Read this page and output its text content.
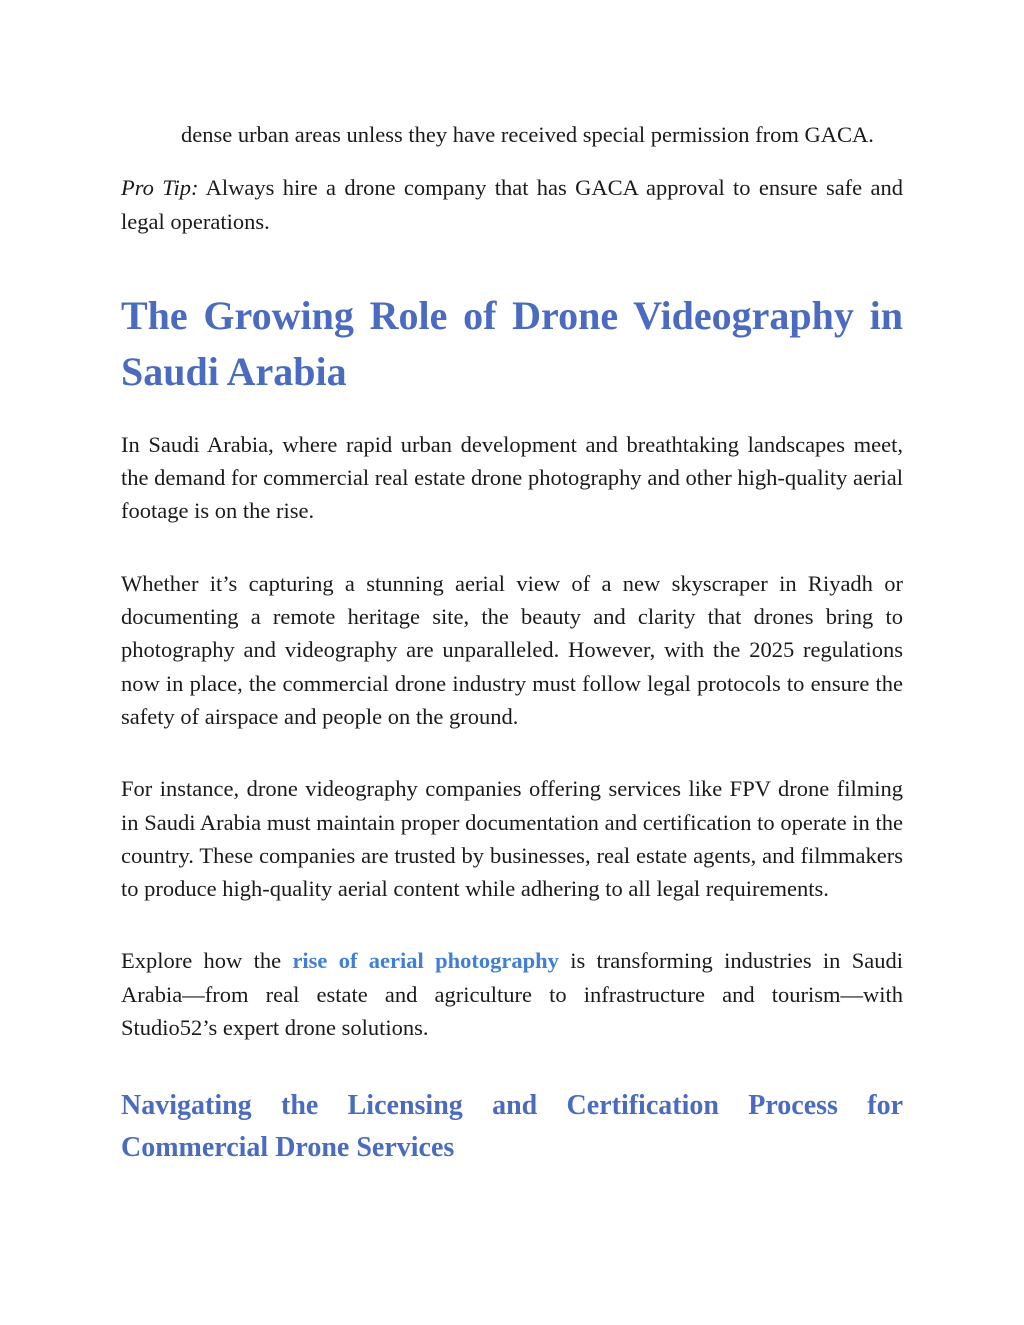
dense urban areas unless they have received special permission from GACA.

Pro Tip: Always hire a drone company that has GACA approval to ensure safe and legal operations.

The Growing Role of Drone Videography in Saudi Arabia

In Saudi Arabia, where rapid urban development and breathtaking landscapes meet, the demand for commercial real estate drone photography and other high-quality aerial footage is on the rise.

Whether it’s capturing a stunning aerial view of a new skyscraper in Riyadh or documenting a remote heritage site, the beauty and clarity that drones bring to photography and videography are unparalleled. However, with the 2025 regulations now in place, the commercial drone industry must follow legal protocols to ensure the safety of airspace and people on the ground.

For instance, drone videography companies offering services like FPV drone filming in Saudi Arabia must maintain proper documentation and certification to operate in the country. These companies are trusted by businesses, real estate agents, and filmmakers to produce high-quality aerial content while adhering to all legal requirements.

Explore how the rise of aerial photography is transforming industries in Saudi Arabia—from real estate and agriculture to infrastructure and tourism—with Studio52’s expert drone solutions.

Navigating the Licensing and Certification Process for Commercial Drone Services
